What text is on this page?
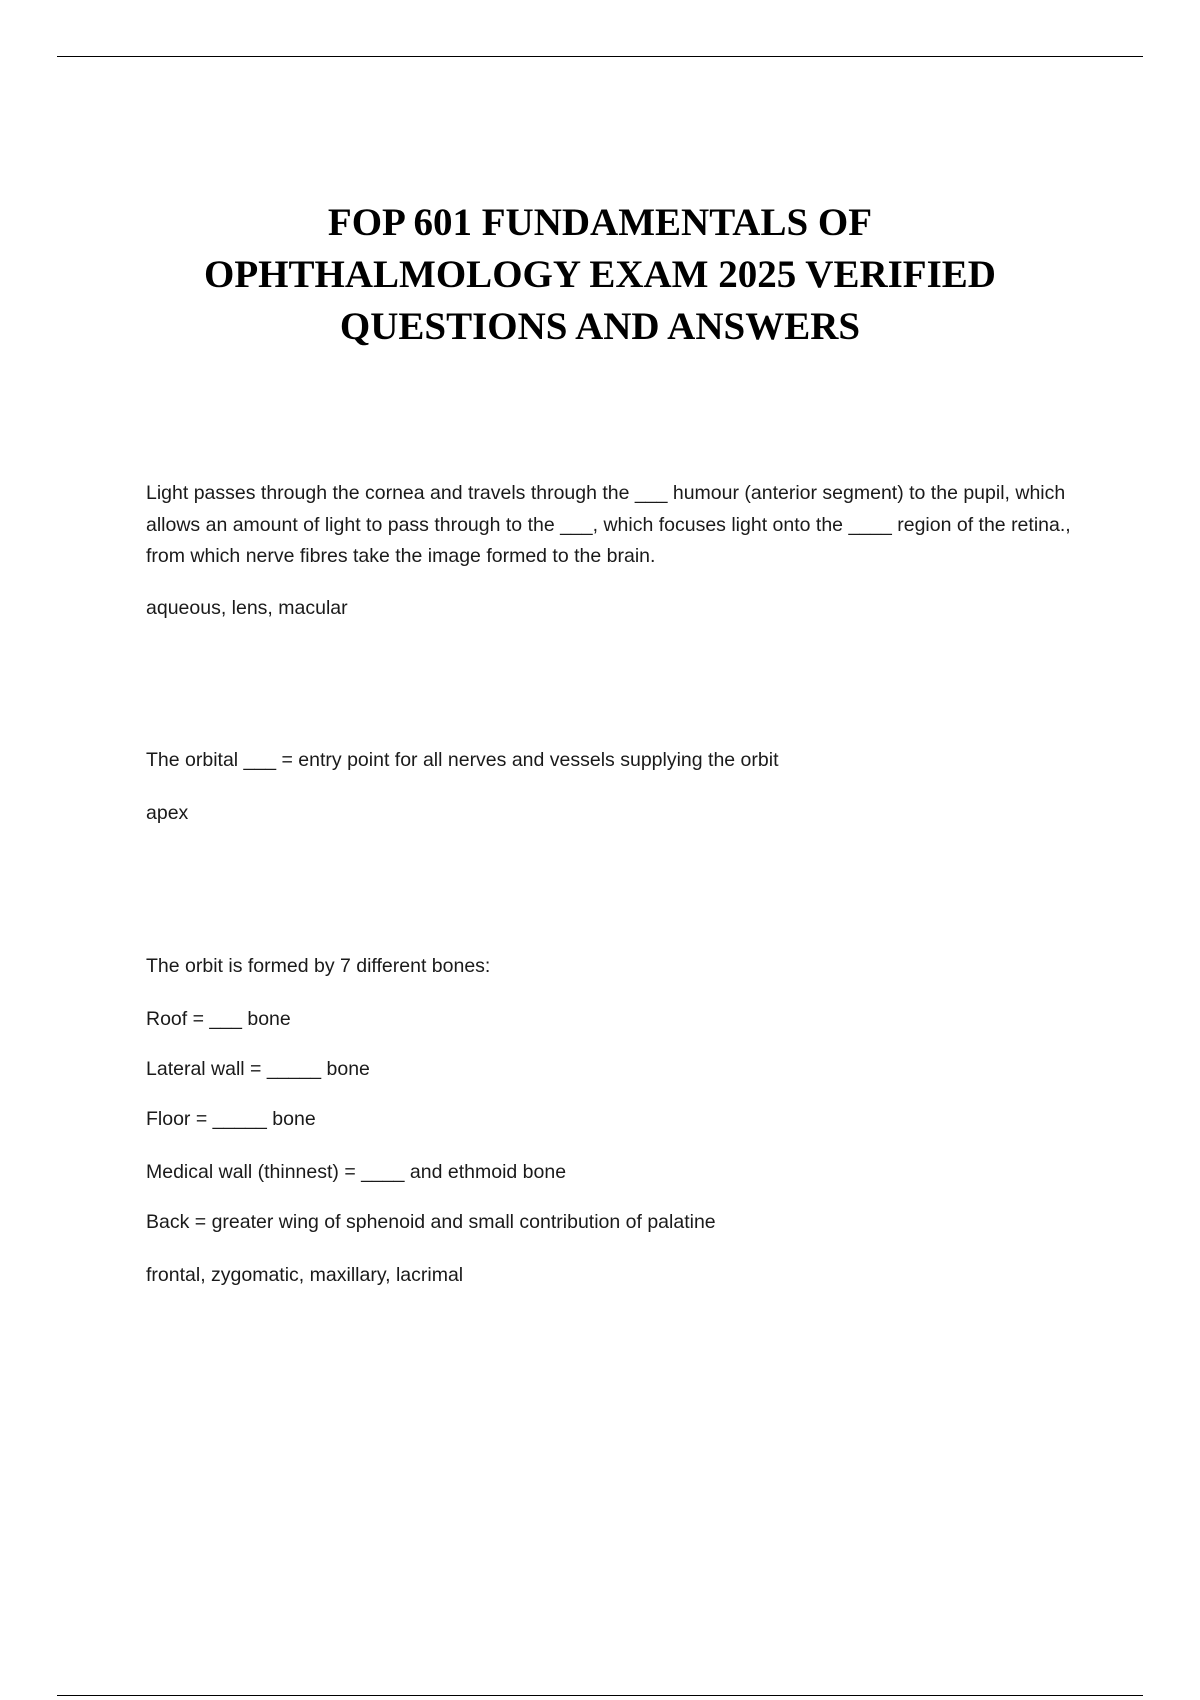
FOP 601 FUNDAMENTALS OF
OPHTHALMOLOGY EXAM 2025 VERIFIED
QUESTIONS AND ANSWERS

Light passes through the cornea and travels through the ___ humour (anterior segment) to the pupil, which allows an amount of light to pass through to the ___, which focuses light onto the ____ region of the retina., from which nerve fibres take the image formed to the brain.

aqueous, lens, macular
The orbital ___ = entry point for all nerves and vessels supplying the orbit
apex
The orbit is formed by 7 different bones:
Roof = ___ bone
Lateral wall = _____ bone
Floor = _____ bone
Medical wall (thinnest) = ____ and ethmoid bone
Back = greater wing of sphenoid and small contribution of palatine
frontal, zygomatic, maxillary, lacrimal
